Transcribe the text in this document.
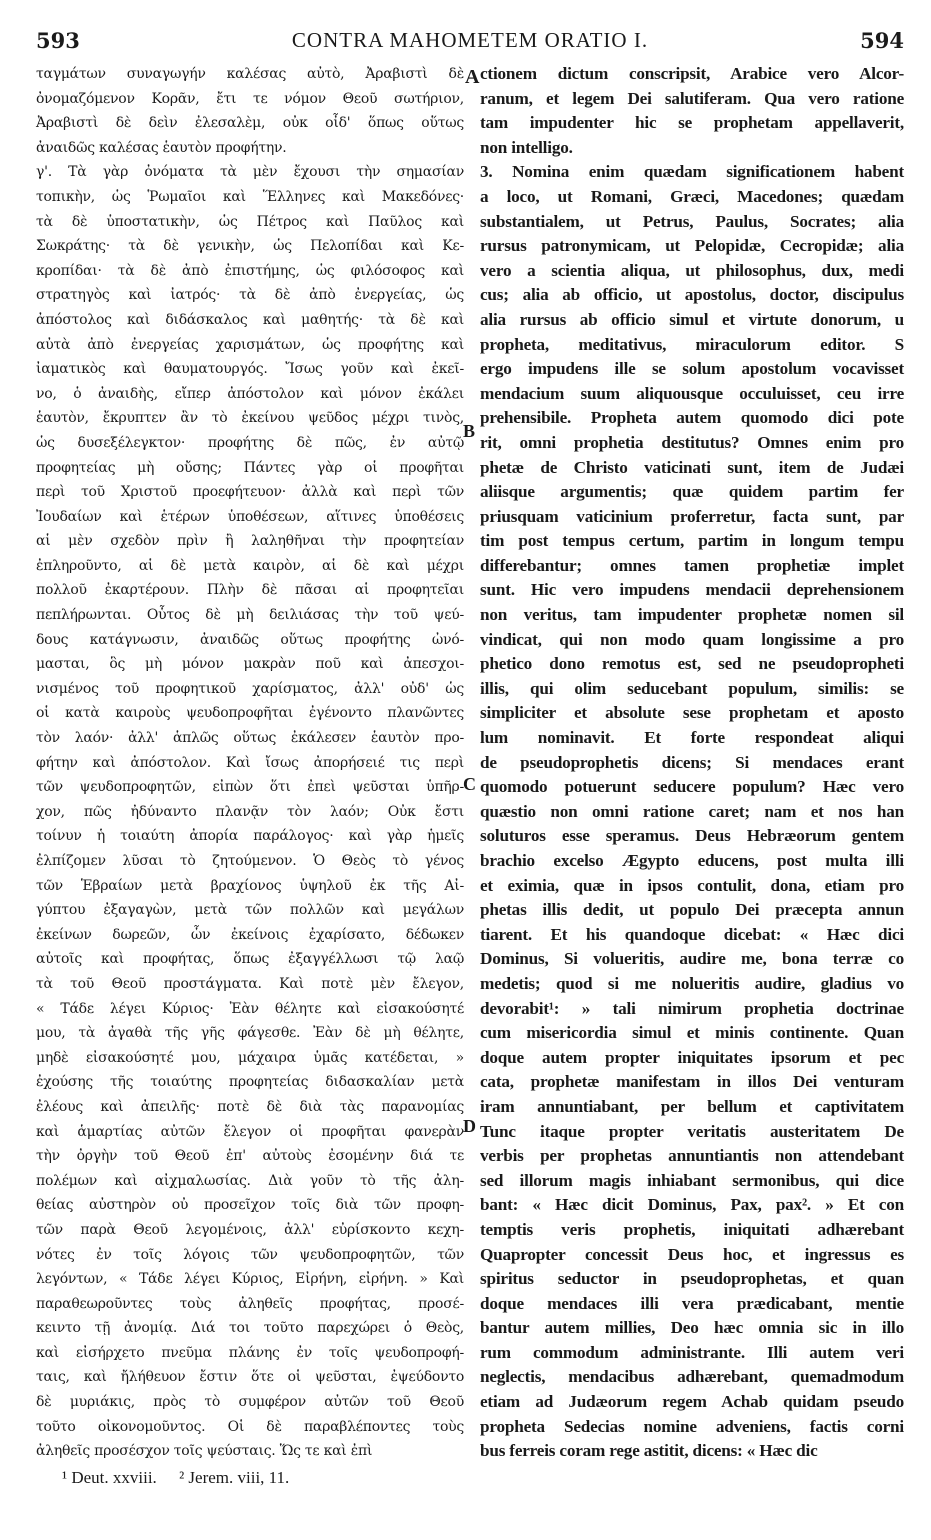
593	CONTRA MAHOMETEM ORATIO I.	594
ταγμάτων συναγωγήν καλέσας αὐτὸ, Ἀραβιστὶ δὲ
ὀνομαζόμενον Κορᾶν, ἔτι τε νόμον Θεοῦ σωτήριον,
Ἀραβιστὶ δὲ δεὶν ἐλεσαλὲμ, οὐκ οἶδ' ὅπως οὕτως
ἀναιδῶς καλέσας ἑαυτὸν προφήτην.
γ'. Τὰ γὰρ ὀνόματα τὰ μὲν ἔχουσι τὴν σημασίαν
τοπικὴν, ὡς Ῥωμαῖοι καὶ Ἕλληνες καὶ Μακεδόνες·
τὰ δὲ ὑποστατικὴν, ὡς Πέτρος καὶ Παῦλος καὶ
Σωκράτης· τὰ δὲ γενικὴν, ὡς Πελοπίδαι καὶ Κε-
κροπίδαι· τὰ δὲ ἀπὸ ἐπιστήμης, ὡς φιλόσοφος καὶ
στρατηγὸς καὶ ἰατρός· τὰ δὲ ἀπὸ ἐνεργείας, ὡς
ἀπόστολος καὶ διδάσκαλος καὶ μαθητής· τὰ δὲ καὶ
αὐτὰ ἀπὸ ἐνεργείας χαρισμάτων, ὡς προφήτης καὶ
ἰαματικὸς καὶ θαυματουργός. Ἴσως γοῦν καὶ ἐκεῖ-
νο, ὁ ἀναιδὴς, εἴπερ ἀπόστολον καὶ μόνον ἐκάλει
ἑαυτὸν, ἔκρυπτεν ἂν τὸ ἐκείνου ψεῦδος μέχρι τινὸς,
ὡς δυσεξέλεγκτον· προφήτης δὲ πῶς, ἐν αὐτῷ
προφητείας μὴ οὔσης; Πάντες γὰρ οἱ προφῆται
περὶ τοῦ Χριστοῦ προεφήτευον· ἀλλὰ καὶ περὶ τῶν
Ἰουδαίων καὶ ἑτέρων ὑποθέσεων, αἵτινες ὑποθέσεις
αἱ μὲν σχεδὸν πρὶν ἢ λαληθῆναι τὴν προφητείαν
ἐπληροῦντο, αἱ δὲ μετὰ καιρὸν, αἱ δὲ καὶ μέχρι
πολλοῦ ἐκαρτέρουν. Πλὴν δὲ πᾶσαι αἱ προφητεῖαι
πεπλήρωνται. Οὗτος δὲ μὴ δειλιάσας τὴν τοῦ ψεύ-
δους κατάγνωσιν, ἀναιδῶς οὕτως προφήτης ὠνό-
μασται, ὃς μὴ μόνον μακρὰν ποῦ καὶ ἀπεσχοι-
νισμένος τοῦ προφητικοῦ χαρίσματος, ἀλλ' οὐδ' ὡς
οἱ κατὰ καιροὺς ψευδοπροφῆται ἐγένοντο πλανῶντες
τὸν λαόν· ἀλλ' ἁπλῶς οὕτως ἐκάλεσεν ἑαυτὸν προ-
φήτην καὶ ἀπόστολον. Καὶ ἴσως ἀπορήσειέ τις περὶ
τῶν ψευδοπροφητῶν, εἰπὼν ὅτι ἐπεὶ ψεῦσται ὑπῆρ-
χον, πῶς ἠδύναντο πλανᾷν τὸν λαόν; Οὐκ ἔστι
τοίνυν ἡ τοιαύτη ἀπορία παράλογος· καὶ γὰρ ἡμεῖς
ἐλπίζομεν λῦσαι τὸ ζητούμενον. Ὁ Θεὸς τὸ γένος
τῶν Ἑβραίων μετὰ βραχίονος ὑψηλοῦ ἐκ τῆς Αἰ-
γύπτου ἐξαγαγὼν, μετὰ τῶν πολλῶν καὶ μεγάλων
ἐκείνων δωρεῶν, ὧν ἐκείνοις ἐχαρίσατο, δέδωκεν
αὐτοῖς καὶ προφήτας, ὅπως ἐξαγγέλλωσι τῷ λαῷ
τὰ τοῦ Θεοῦ προστάγματα. Καὶ ποτὲ μὲν ἔλεγον,
« Τάδε λέγει Κύριος· Ἐὰν θέλητε καὶ εἰσακούσητέ
μου, τὰ ἀγαθὰ τῆς γῆς φάγεσθε. Ἐὰν δὲ μὴ θέλητε,
μηδὲ εἰσακούσητέ μου, μάχαιρα ὑμᾶς κατέδεται, »
ἐχούσης τῆς τοιαύτης προφητείας διδασκαλίαν μετὰ
ἐλέους καὶ ἀπειλῆς· ποτὲ δὲ διὰ τὰς παρανομίας
καὶ ἁμαρτίας αὐτῶν ἔλεγον οἱ προφῆται φανερὰν
τὴν ὀργὴν τοῦ Θεοῦ ἐπ' αὐτοὺς ἐσομένην διά τε
πολέμων καὶ αἰχμαλωσίας. Διὰ γοῦν τὸ τῆς ἀλη-
θείας αὐστηρὸν οὐ προσεῖχον τοῖς διὰ τῶν προφη-
τῶν παρὰ Θεοῦ λεγομένοις, ἀλλ' εὐρίσκοντο κεχη-
νότες ἐν τοῖς λόγοις τῶν ψευδοπροφητῶν, τῶν
λεγόντων, « Τάδε λέγει Κύριος, Εἰρήνη, εἰρήνη. » Καὶ
παραθεωροῦντες τοὺς ἀληθεῖς προφήτας, προσέ-
κειντο τῇ ἀνομίᾳ. Διά τοι τοῦτο παρεχώρει ὁ Θεὸς,
καὶ εἰσήρχετο πνεῦμα πλάνης ἐν τοῖς ψευδοπροφή-
ταις, καὶ ἤλήθευον ἔστιν ὅτε οἱ ψεῦσται, ἐψεύδοντο
δὲ μυριάκις, πρὸς τὸ συμφέρον αὐτῶν τοῦ Θεοῦ
τοῦτο οἰκονομοῦντος. Οἱ δὲ παραβλέποντες τοὺς
ἀληθεῖς προσέσχον τοῖς ψεύσταις. Ὥς τε καὶ ἐπὶ
ctionem dictum conscripsit, Arabice vero Alcor-
ranum, et legem Dei salutiferam. Qua vero ratione
tam impudenter hic se prophetam appellaverit,
non intelligo.
3. Nomina enim quædam significationem habent
a loco, ut Romani, Græci, Macedones; quædam
substantialem, ut Petrus, Paulus, Socrates; alia
rursus patronymicam, ut Pelopidæ, Cecropidæ; alia
vero a scientia aliqua, ut philosophus, dux, medi
cus; alia ab officio, ut apostolus, doctor, discipulus
alia rursus ab officio simul et virtute donorum, u
propheta, meditativus, miraculorum editor. S
ergo impudens ille se solum apostolum vocavisset
mendacium suum aliquousque occuluisset, ceu irre
prehensibile. Propheta autem quomodo dici pote
rit, omni prophetia destitutus? Omnes enim pro
phetæ de Christo vaticinati sunt, item de Judæi
aliisque argumentis; quæ quidem partim fer
priusquam vaticinium proferretur, facta sunt, par
tim post tempus certum, partim in longum tempu
differebantur; omnes tamen prophetiæ implet
sunt. Hic vero impudens mendacii deprehensionem
non veritus, tam impudenter prophetæ nomen sil
vindicat, qui non modo quam longissime a pro
phetico dono remotus est, sed ne pseudopropheti
illis, qui olim seducebant populum, similis: se
simpliciter et absolute sese prophetam et aposto
lum nominavit. Et forte respondeat aliqui
de pseudoprophetis dicens; Si mendaces erant
quomodo potuerunt seducere populum? Hæc vero
quæstio non omni ratione caret; nam et nos han
soluturos esse speramus. Deus Hebræorum gentem
brachio excelso Ægypto educens, post multa illi
et eximia, quæ in ipsos contulit, dona, etiam pro
phetas illis dedit, ut populo Dei præcepta annun
tiarent. Et his quandoque dicebat: « Hæc dici
Dominus, Si volueritis, audire me, bona terræ co
medetis; quod si me nolueritis audire, gladius vo
devorabit¹: » tali nimirum prophetia doctrinae
cum misericordia simul et minis continente. Quan
doque autem propter iniquitates ipsorum et pec
cata, prophetæ manifestam in illos Dei venturam
iram annuntiabant, per bellum et captivitatem
Tunc itaque propter veritatis austeritatem De
verbis per prophetas annuntiantis non attendebant
sed illorum magis inhiabant sermonibus, qui dice
bant: « Hæc dicit Dominus, Pax, pax². » Et con
temptis veris prophetis, iniquitati adhærebant
Quapropter concessit Deus hoc, et ingressus es
spiritus seductor in pseudoprophetas, et quan
doque mendaces illi vera prædicabant, mentie
bantur autem millies, Deo hæc omnia sic in illo
rum commodum administrante. Illi autem veri
neglectis, mendacibus adhærebant, quemadmodum
etiam ad Judæorum regem Achab quidam pseudo
propheta Sedecias nomine adveniens, factis corni
bus ferreis coram rege astitit, dicens: « Hæc dic
A
B
C
D
¹ Deut. xxviii. ² Jerem. viii, 11.
